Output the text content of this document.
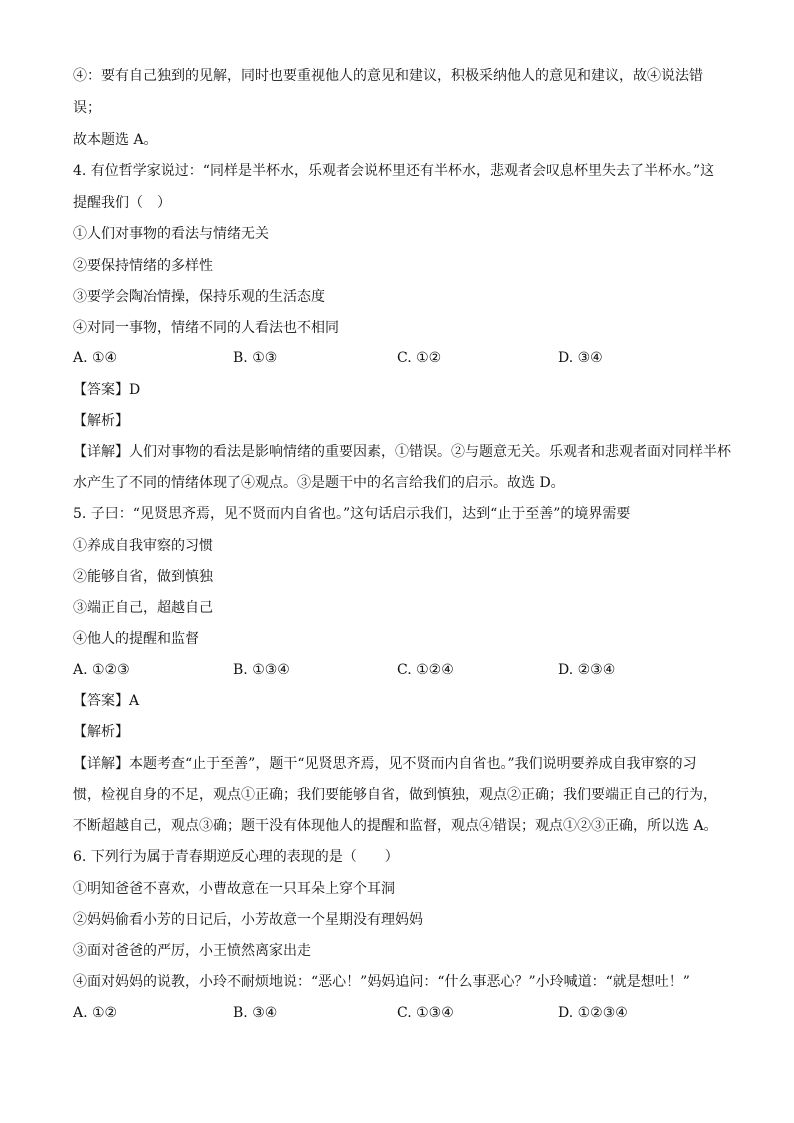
④：要有自己独到的见解，同时也要重视他人的意见和建议，积极采纳他人的意见和建议，故④说法错
误；
故本题选 A。
4. 有位哲学家说过：“同样是半杯水，乐观者会说杯里还有半杯水，悲观者会叹息杯里失去了半杯水。”这
提醒我们（　）
①人们对事物的看法与情绪无关
②要保持情绪的多样性
③要学会陶冶情操，保持乐观的生活态度
④对同一事物，情绪不同的人看法也不相同
A. ①④	B. ①③	C. ①②	D. ③④
【答案】D
【解析】
【详解】人们对事物的看法是影响情绪的重要因素，①错误。②与题意无关。乐观者和悲观者面对同样半杯
水产生了不同的情绪体现了④观点。③是题干中的名言给我们的启示。故选 D。
5. 子曰：“见贤思齐焉，见不贤而内自省也。”这句话启示我们，达到“止于至善”的境界需要
①养成自我审察的习惯
②能够自省，做到慎独
③端正自己，超越自己
④他人的提醒和监督
A. ①②③	B. ①③④	C. ①②④	D. ②③④
【答案】A
【解析】
【详解】本题考查“止于至善”，题干“见贤思齐焉，见不贤而内自省也。”我们说明要养成自我审察的习
惯，检视自身的不足，观点①正确；我们要能够自省，做到慎独，观点②正确；我们要端正自己的行为，
不断超越自己，观点③确；题干没有体现他人的提醒和监督，观点④错误；观点①②③正确，所以选 A。
6. 下列行为属于青春期逆反心理的表现的是（　　）
①明知爸爸不喜欢，小曹故意在一只耳朵上穿个耳洞
②妈妈偷看小芳的日记后，小芳故意一个星期没有理妈妈
③面对爸爸的严厉，小王愤然离家出走
④面对妈妈的说教，小玲不耐烦地说：“恶心！”妈妈追问：“什么事恶心？”小玲喊道：“就是想吐！”
A. ①②	B. ③④	C. ①③④	D. ①②③④
